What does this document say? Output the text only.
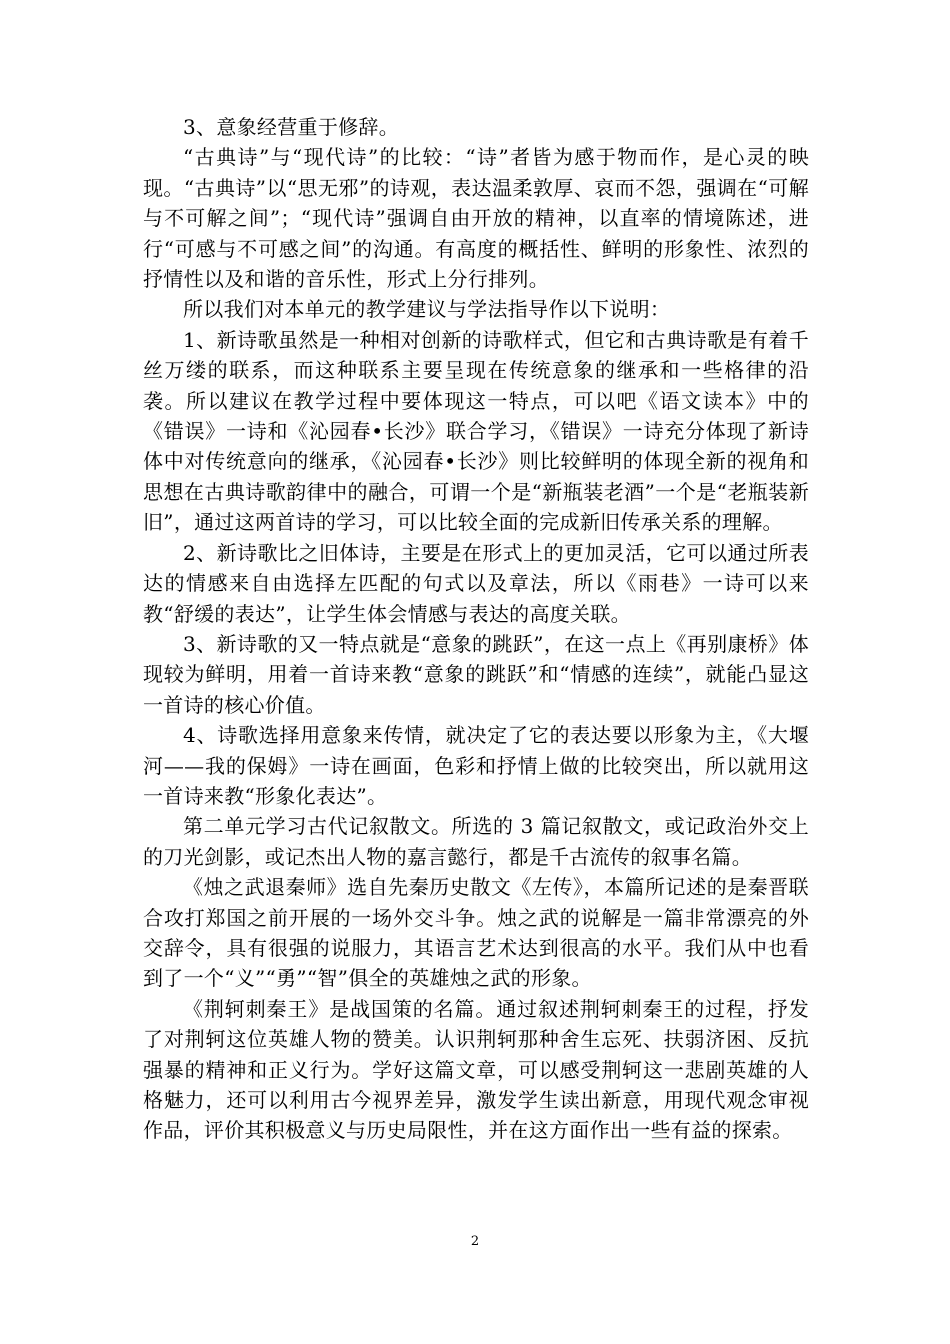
3、意象经营重于修辞。

“古典诗”与“现代诗”的比较：“诗”者皆为感于物而作，是心灵的映现。“古典诗”以“思无邪”的诗观，表达温柔敦厚、哀而不怨，强调在“可解与不可解之间”；“现代诗”强调自由开放的精神，以直率的情境陈述，进行“可感与不可感之间”的沟通。有高度的概括性、鲜明的形象性、浓烈的抒情性以及和谐的音乐性，形式上分行排列。

所以我们对本单元的教学建议与学法指导作以下说明：

1、新诗歌虽然是一种相对创新的诗歌样式，但它和古典诗歌是有着千丝万缕的联系，而这种联系主要呈现在传统意象的继承和一些格律的沿袭。所以建议在教学过程中要体现这一特点，可以吧《语文读本》中的《错误》一诗和《沁园春•长沙》联合学习，《错误》一诗充分体现了新诗体中对传统意向的继承，《沁园春•长沙》则比较鲜明的体现全新的视角和思想在古典诗歌韵律中的融合，可谓一个是“新瓶装老酒”一个是“老瓶装新旧”，通过这两首诗的学习，可以比较全面的完成新旧传承关系的理解。

2、新诗歌比之旧体诗，主要是在形式上的更加灵活，它可以通过所表达的情感来自由选择左匹配的句式以及章法，所以《雨巷》一诗可以来教“舒缓的表达”，让学生体会情感与表达的高度关联。

3、新诗歌的又一特点就是“意象的跳跃”，在这一点上《再别康桥》体现较为鲜明，用着一首诗来教“意象的跳跃”和“情感的连续”，就能凸显这一首诗的核心价值。

4、诗歌选择用意象来传情，就决定了它的表达要以形象为主，《大堰河——我的保姆》一诗在画面，色彩和抒情上做的比较突出，所以就用这一首诗来教“形象化表达”。

第二单元学习古代记叙散文。所选的 3 篇记叙散文，或记政治外交上的刀光剑影，或记杰出人物的嘉言懿行，都是千古流传的叙事名篇。

《烛之武退秦师》选自先秦历史散文《左传》，本篇所记述的是秦晋联合攻打郑国之前开展的一场外交斗争。烛之武的说解是一篇非常漂亮的外交辞令，具有很强的说服力，其语言艺术达到很高的水平。我们从中也看到了一个“义”“勇”“智”俱全的英雄烛之武的形象。

《荆轲刺秦王》是战国策的名篇。通过叙述荆轲刺秦王的过程，抒发了对荆轲这位英雄人物的赞美。认识荆轲那种舍生忘死、扶弱济困、反抗强暴的精神和正义行为。学好这篇文章，可以感受荆轲这一悲剧英雄的人格魅力，还可以利用古今视界差异，激发学生读出新意，用现代观念审视作品，评价其积极意义与历史局限性，并在这方面作出一些有益的探索。

2
